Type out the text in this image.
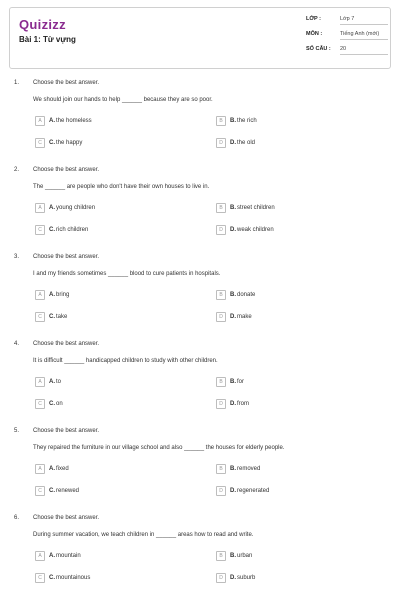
Quizizz
Bài 1: Từ vựng
LỚP :	Lớp 7
MÔN :	Tiếng Anh (mới)
SỐ CÂU :	20
1. Choose the best answer.
We should join our hands to help ______ because they are so poor.
A	A. the homeless	B	B. the rich
C	C. the happy	D	D. the old
2. Choose the best answer.
The ______ are people who don't have their own houses to live in.
A	A. young children	B	B. street children
C	C. rich children	D	D. weak children
3. Choose the best answer.
I and my friends sometimes ______ blood to cure patients in hospitals.
A	A. bring	B	B. donate
C	C. take	D	D. make
4. Choose the best answer.
It is difficult ______ handicapped children to study with other children.
A	A. to	B	B. for
C	C. on	D	D. from
5. Choose the best answer.
They repaired the furniture in our village school and also ______ the houses for elderly people.
A	A. fixed	B	B. removed
C	C. renewed	D	D. regenerated
6. Choose the best answer.
During summer vacation, we teach children in ______ areas how to read and write.
A	A. mountain	B	B. urban
C	C. mountainous	D	D. suburb
